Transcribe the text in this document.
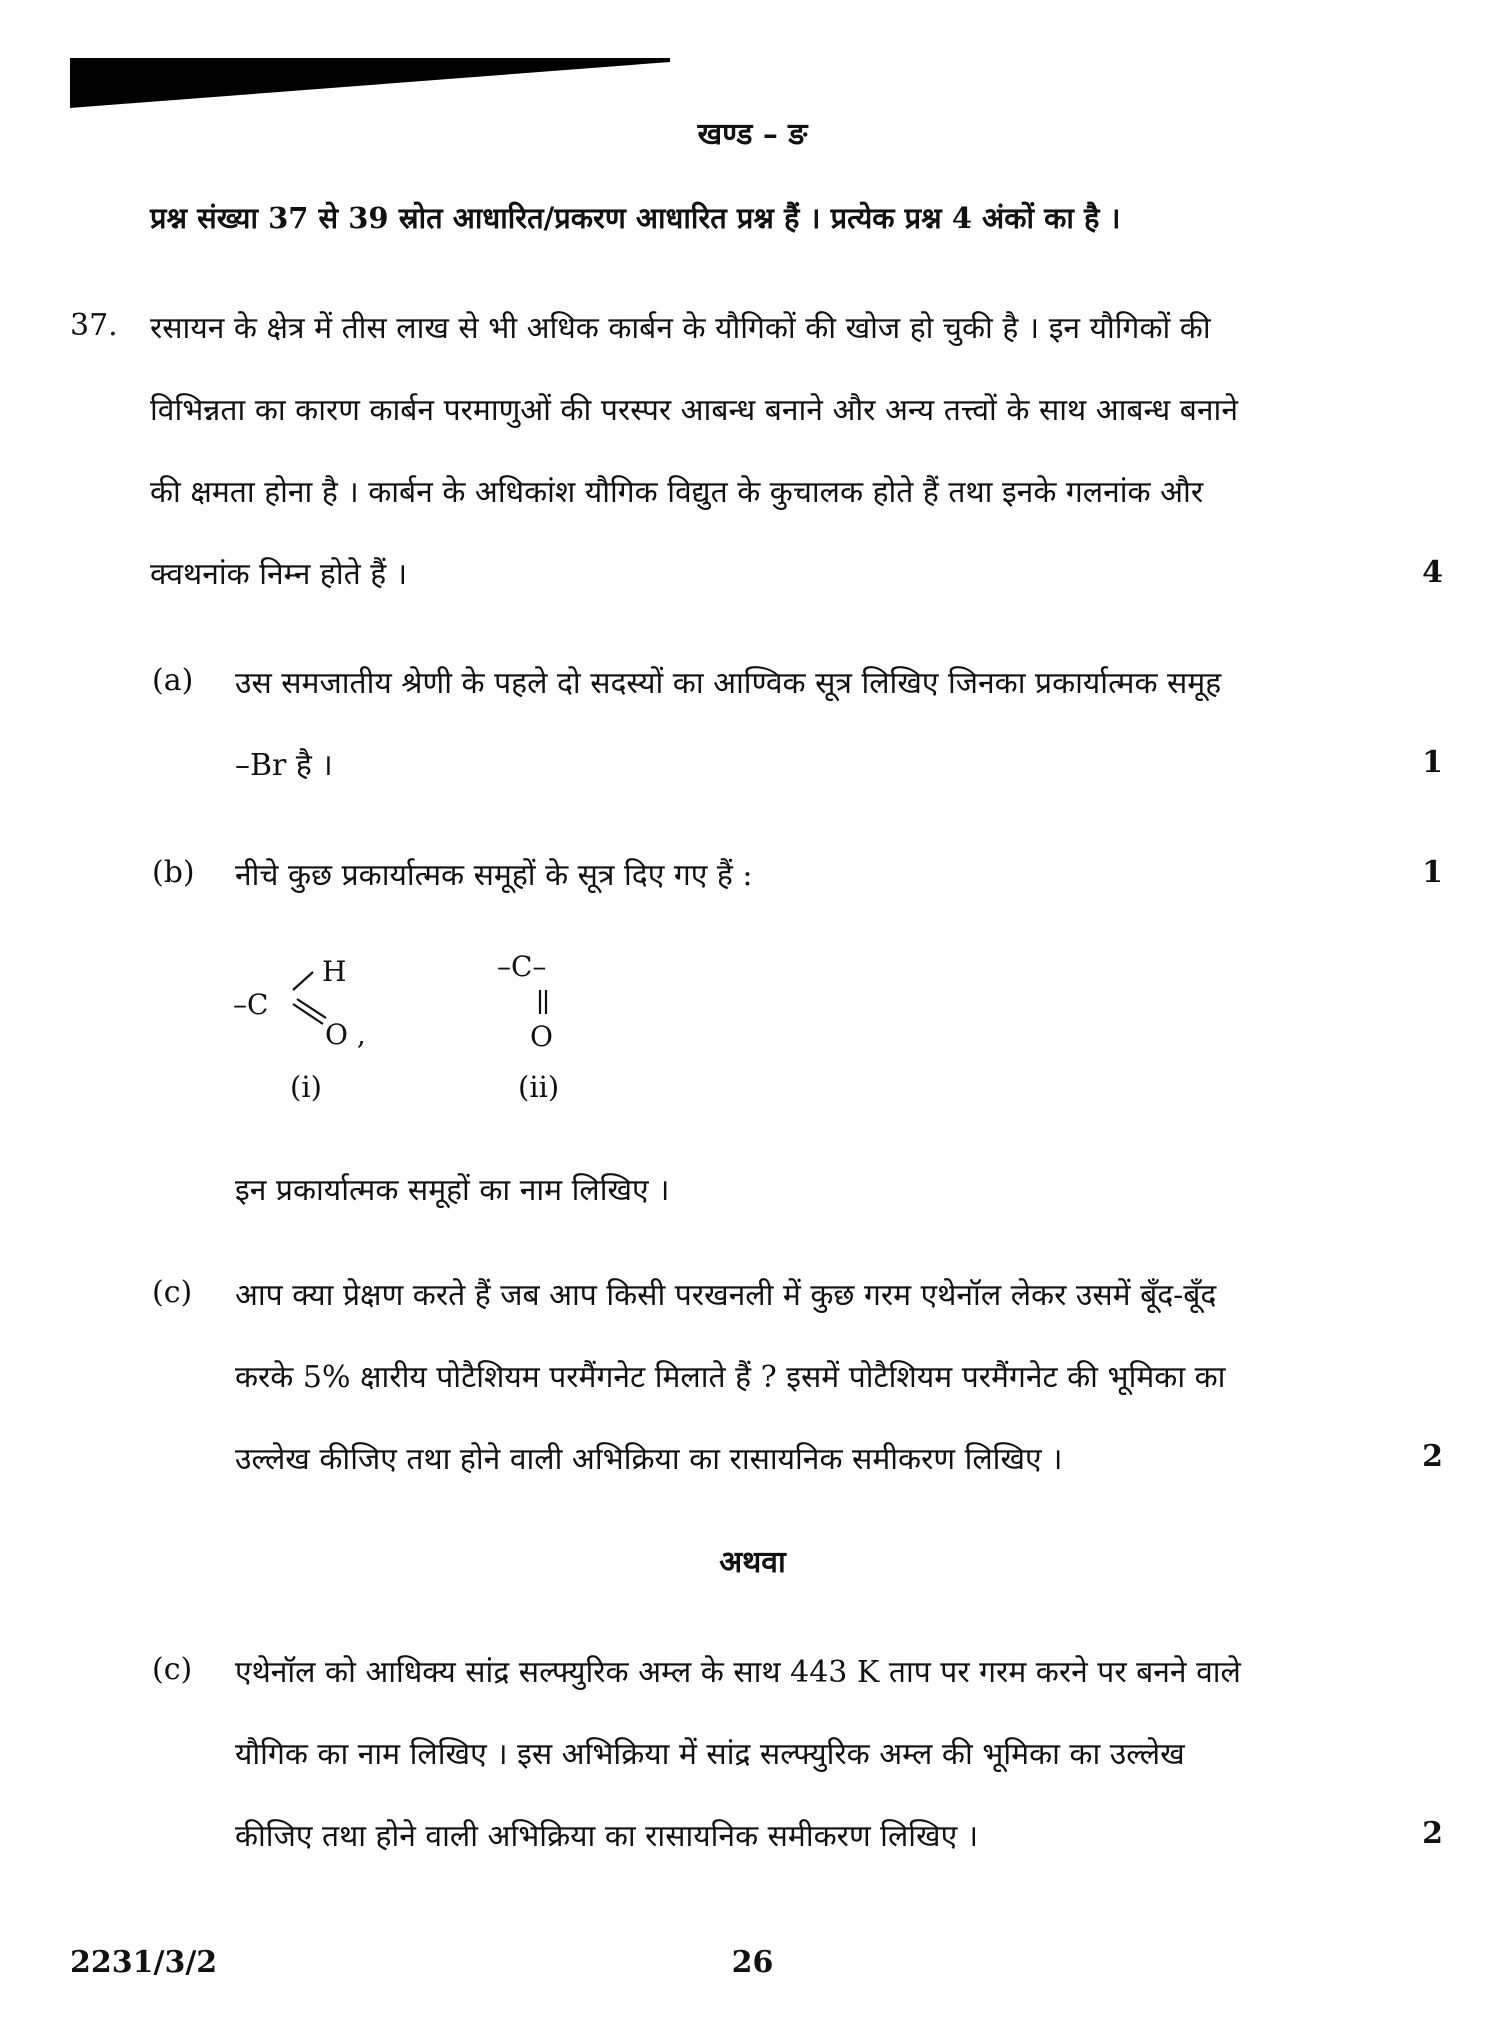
खण्ड – ङ
प्रश्न संख्या 37 से 39 स्रोत आधारित/प्रकरण आधारित प्रश्न हैं । प्रत्येक प्रश्न 4 अंकों का है ।
37. रसायन के क्षेत्र में तीस लाख से भी अधिक कार्बन के यौगिकों की खोज हो चुकी है । इन यौगिकों की
विभिन्नता का कारण कार्बन परमाणुओं की परस्पर आबन्ध बनाने और अन्य तत्त्वों के साथ आबन्ध बनाने
की क्षमता होना है । कार्बन के अधिकांश यौगिक विद्युत के कुचालक होते हैं तथा इनके गलनांक और
क्वथनांक निम्न होते हैं ।	4
(a) उस समजातीय श्रेणी के पहले दो सदस्यों का आण्विक सूत्र लिखिए जिनका प्रकार्यात्मक समूह
–Br है ।	1
(b) नीचे कुछ प्रकार्यात्मक समूहों के सूत्र दिए गए हैं :	1
H
–C
O ,
(i)
–C–
O
(ii)
इन प्रकार्यात्मक समूहों का नाम लिखिए ।
(c) आप क्या प्रेक्षण करते हैं जब आप किसी परखनली में कुछ गरम एथेनॉल लेकर उसमें बूँद-बूँद
करके 5% क्षारीय पोटैशियम परमैंगनेट मिलाते हैं ? इसमें पोटैशियम परमैंगनेट की भूमिका का
उल्लेख कीजिए तथा होने वाली अभिक्रिया का रासायनिक समीकरण लिखिए ।	2
अथवा
(c) एथेनॉल को आधिक्य सांद्र सल्फ्युरिक अम्ल के साथ 443 K ताप पर गरम करने पर बनने वाले
यौगिक का नाम लिखिए । इस अभिक्रिया में सांद्र सल्फ्युरिक अम्ल की भूमिका का उल्लेख
कीजिए तथा होने वाली अभिक्रिया का रासायनिक समीकरण लिखिए ।	2
2231/3/2	26
